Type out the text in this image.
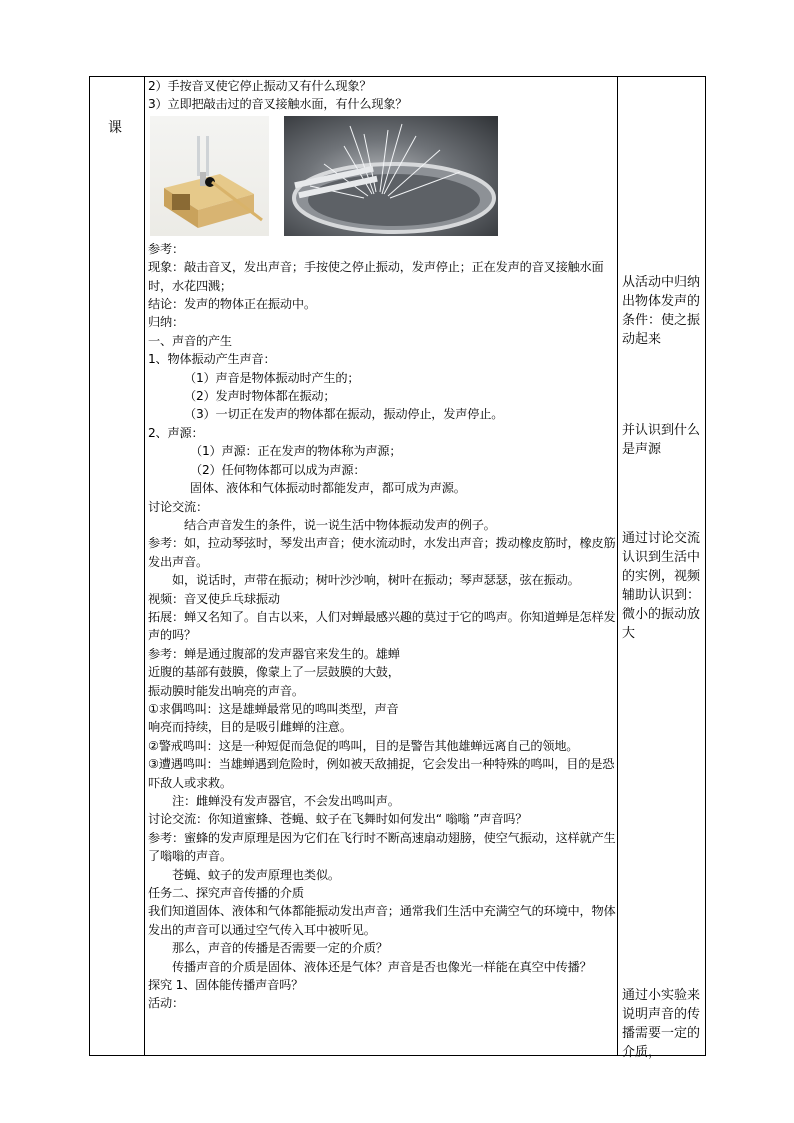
课

2）手按音叉使它停止振动又有什么现象？

3）立即把敲击过的音叉接触水面，有什么现象？

参考：

现象：敲击音叉，发出声音；手按使之停止振动，发声停止；正在发声的音叉接触水面时，水花四溅；

结论：发声的物体正在振动中。

归纳：

一、声音的产生

1、物体振动产生声音：

（1）声音是物体振动时产生的；

（2）发声时物体都在振动；

（3）一切正在发声的物体都在振动，振动停止，发声停止。

2、声源：

（1）声源：正在发声的物体称为声源；

（2）任何物体都可以成为声源：

固体、液体和气体振动时都能发声，都可成为声源。

讨论交流：

结合声音发生的条件，说一说生活中物体振动发声的例子。

参考：如，拉动琴弦时，琴发出声音；使水流动时，水发出声音；拨动橡皮筋时，橡皮筋发出声音。

如，说话时，声带在振动；树叶沙沙响，树叶在振动；琴声瑟瑟，弦在振动。

视频：音叉使乒乓球振动

拓展：蝉又名知了。自古以来，人们对蝉最感兴趣的莫过于它的鸣声。你知道蝉是怎样发声的吗？

参考：蝉是通过腹部的发声器官来发生的。雄蝉

近腹的基部有鼓膜，像蒙上了一层鼓膜的大鼓，

振动膜时能发出响亮的声音。

①求偶鸣叫：这是雄蝉最常见的鸣叫类型，声音

响亮而持续，目的是吸引雌蝉的注意。

②警戒鸣叫：这是一种短促而急促的鸣叫，目的是警告其他雄蝉远离自己的领地。

③遭遇鸣叫：当雄蝉遇到危险时，例如被天敌捕捉，它会发出一种特殊的鸣叫，目的是恐吓敌人或求救。

注：雌蝉没有发声器官，不会发出鸣叫声。

讨论交流：你知道蜜蜂、苍蝇、蚊子在飞舞时如何发出“ 嗡嗡 ”声音吗？

参考：蜜蜂的发声原理是因为它们在飞行时不断高速扇动翅膀，使空气振动，这样就产生了嗡嗡的声音。

苍蝇、蚊子的发声原理也类似。

任务二、探究声音传播的介质

我们知道固体、液体和气体都能振动发出声音；通常我们生活中充满空气的环境中，物体发出的声音可以通过空气传入耳中被听见。

那么，声音的传播是否需要一定的介质？

传播声音的介质是固体、液体还是气体？声音是否也像光一样能在真空中传播？

探究 1、固体能传播声音吗？

活动：

从活动中归纳出物体发声的条件：使之振动起来

并认识到什么是声源

通过讨论交流认识到生活中的实例，视频辅助认识到：微小的振动放大

通过小实验来说明声音的传播需要一定的介质，
